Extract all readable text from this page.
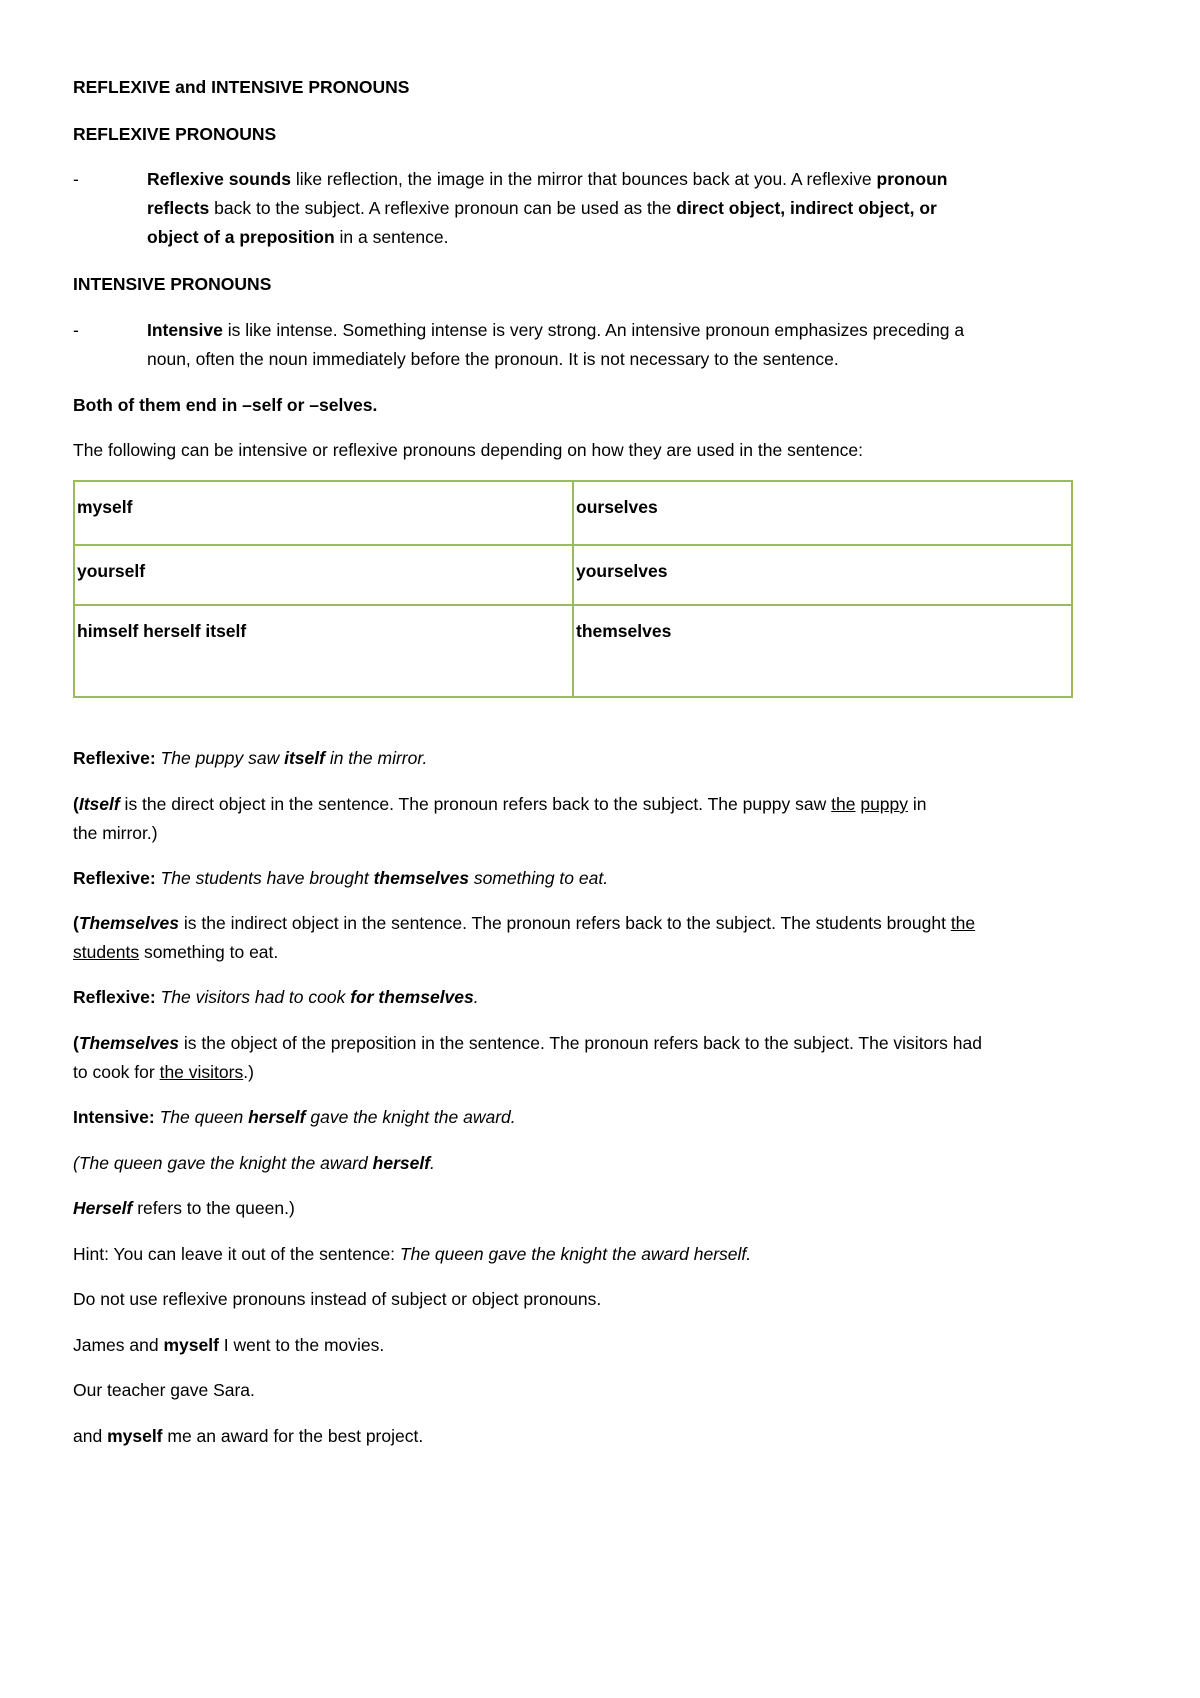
REFLEXIVE and INTENSIVE PRONOUNS
REFLEXIVE PRONOUNS
-	Reflexive sounds like reflection, the image in the mirror that bounces back at you. A reflexive pronoun
reflects back to the subject. A reflexive pronoun can be used as the direct object, indirect object, or
object of a preposition in a sentence.
INTENSIVE PRONOUNS
-	Intensive is like intense. Something intense is very strong. An intensive pronoun emphasizes preceding a
noun, often the noun immediately before the pronoun. It is not necessary to the sentence.
Both of them end in –self or –selves.
The following can be intensive or reflexive pronouns depending on how they are used in the sentence:
myself	ourselves
yourself	yourselves
himself herself itself	themselves
Reflexive: The puppy saw itself in the mirror.
(Itself is the direct object in the sentence. The pronoun refers back to the subject. The puppy saw the puppy in
the mirror.)
Reflexive: The students have brought themselves something to eat.
(Themselves is the indirect object in the sentence. The pronoun refers back to the subject. The students brought the
students something to eat.
Reflexive: The visitors had to cook for themselves.
(Themselves is the object of the preposition in the sentence. The pronoun refers back to the subject. The visitors had
to cook for the visitors.)
Intensive: The queen herself gave the knight the award.
(The queen gave the knight the award herself.
Herself refers to the queen.)
Hint: You can leave it out of the sentence: The queen gave the knight the award herself.
Do not use reflexive pronouns instead of subject or object pronouns.
James and myself I went to the movies.
Our teacher gave Sara.
and myself me an award for the best project.
